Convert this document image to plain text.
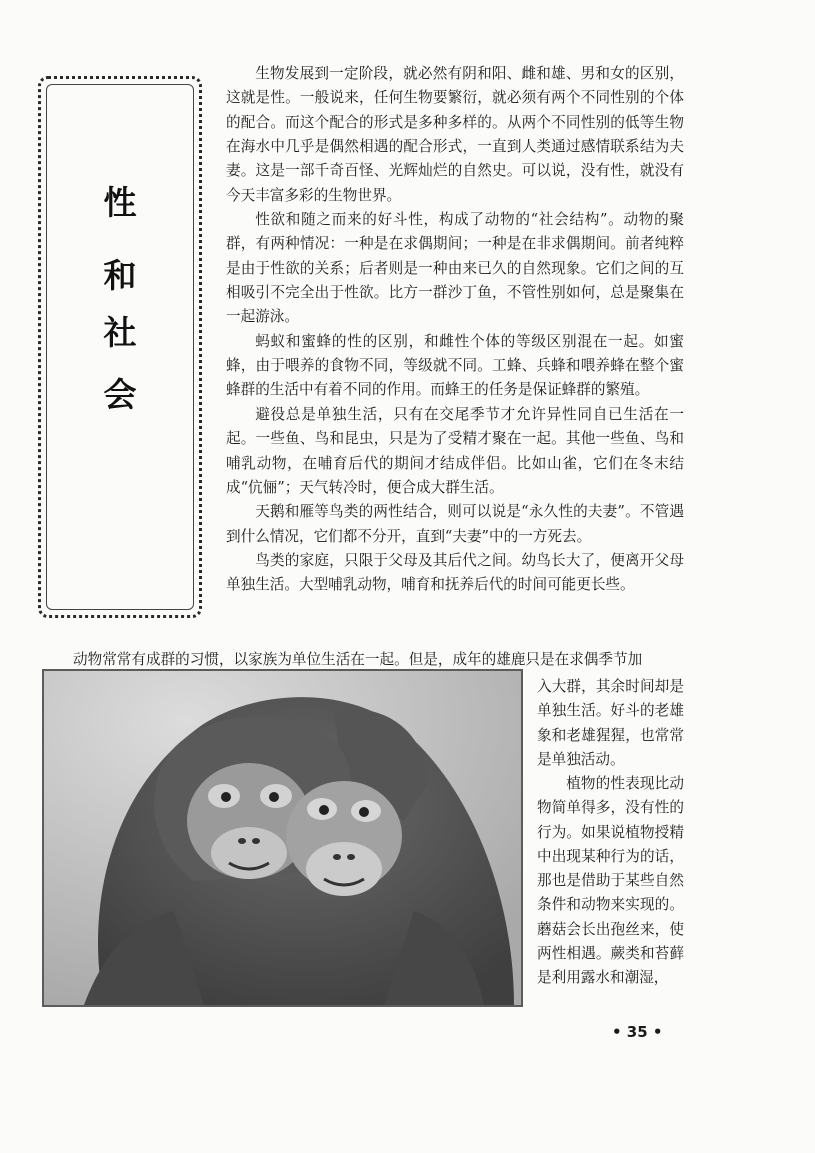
性
和
社
会

生物发展到一定阶段，就必然有阴和阳、雌和雄、男和女的区别，这就是性。一般说来，任何生物要繁衍，就必须有两个不同性别的个体的配合。而这个配合的形式是多种多样的。从两个不同性别的低等生物在海水中几乎是偶然相遇的配合形式，一直到人类通过感情联系结为夫妻。这是一部千奇百怪、光辉灿烂的自然史。可以说，没有性，就没有今天丰富多彩的生物世界。

性欲和随之而来的好斗性，构成了动物的“社会结构”。动物的聚群，有两种情况：一种是在求偶期间；一种是在非求偶期间。前者纯粹是由于性欲的关系；后者则是一种由来已久的自然现象。它们之间的互相吸引不完全出于性欲。比方一群沙丁鱼，不管性别如何，总是聚集在一起游泳。

蚂蚁和蜜蜂的性的区别，和雌性个体的等级区别混在一起。如蜜蜂，由于喂养的食物不同，等级就不同。工蜂、兵蜂和喂养蜂在整个蜜蜂群的生活中有着不同的作用。而蜂王的任务是保证蜂群的繁殖。

避役总是单独生活，只有在交尾季节才允许异性同自已生活在一起。一些鱼、鸟和昆虫，只是为了受精才聚在一起。其他一些鱼、鸟和哺乳动物，在哺育后代的期间才结成伴侣。比如山雀，它们在冬末结成“伉俪”；天气转冷时，便合成大群生活。

天鹅和雁等鸟类的两性结合，则可以说是“永久性的夫妻”。不管遇到什么情况，它们都不分开，直到“夫妻”中的一方死去。

鸟类的家庭，只限于父母及其后代之间。幼鸟长大了，便离开父母单独生活。大型哺乳动物，哺育和抚养后代的时间可能更长些。

动物常常有成群的习惯，以家族为单位生活在一起。但是，成年的雄鹿只是在求偶季节加

入大群，其余时间却是单独生活。好斗的老雄象和老雄猩猩，也常常是单独活动。

植物的性表现比动物简单得多，没有性的行为。如果说植物授精中出现某种行为的话，那也是借助于某些自然条件和动物来实现的。蘑菇会长出孢丝来，使两性相遇。蕨类和苔藓是利用露水和潮湿，

• 35 •
